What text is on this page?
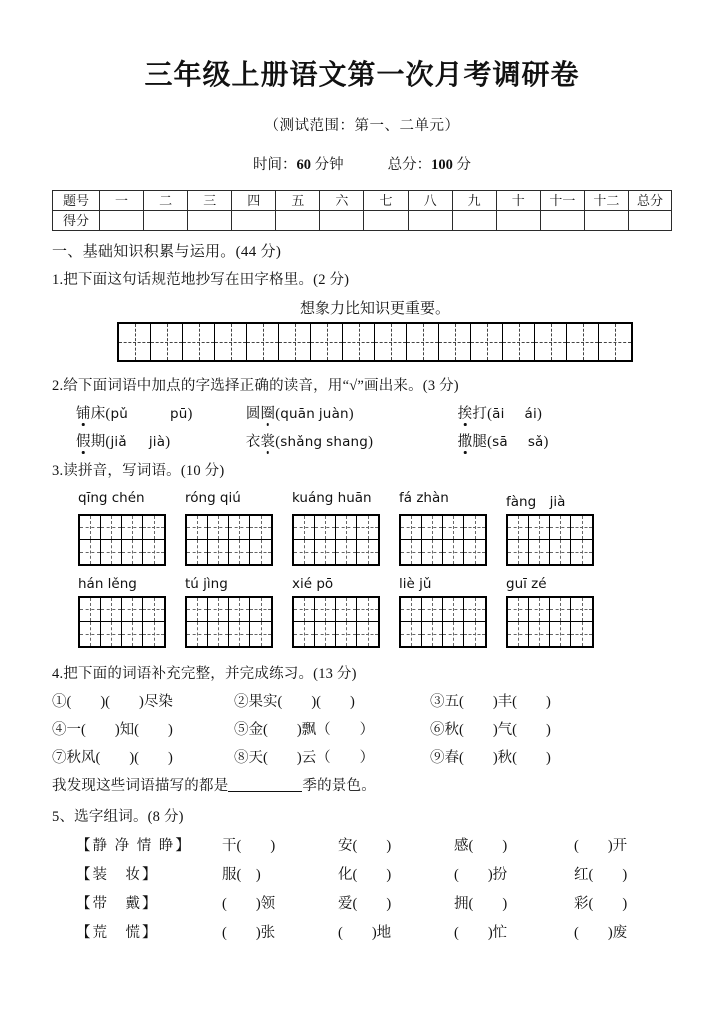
三年级上册语文第一次月考调研卷
（测试范围：第一、二单元）
时间：60 分钟	总分：100 分
题号	一	二	三	四	五	六	七	八	九	十	十一	十二	总分
得分													
一、基础知识积累与运用。(44 分)
1.把下面这句话规范地抄写在田字格里。(2 分)
想象力比知识更重要。
2.给下面词语中加点的字选择正确的读音，用“√”画出来。(3 分)
铺床(pǔ	pū)	圆圈(quān juàn)	挨打(āi ái)
假期(jiǎ jià)	衣裳(shǎng shang)	撒腿(sā sǎ)
3.读拼音，写词语。(10 分)
qīng chén	róng qiú	kuáng huān	fá zhàn	fàng　jià
hán lěng	tú jìng	xié pō	liè jǔ	guī zé
4.把下面的词语补充完整，并完成练习。(13 分)
①(　　)(　　)尽染	②果实(　　)(　　)	③五(　　)丰(　　)
④一(　　)知(　　)	⑤金(　　)飘（　　）	⑥秋(　　)气(　　)
⑦秋风(　　)(　　)	⑧天(　　)云（　　）	⑨春(　　)秋(　　)
我发现这些词语描写的都是	季的景色。
5、选字组词。(8 分)
【静 净 情 睁】	干(　　)	安(　　)	感(　　)	(　　)开
【装　妆】	服(　)	化(　　)	(　　)扮	红(　　)
【带　戴】	(　　)领	爱(　　)	拥(　　)	彩(　　)
【荒　慌】	(　　)张	(　　)地	(　　)忙	(　　)废
